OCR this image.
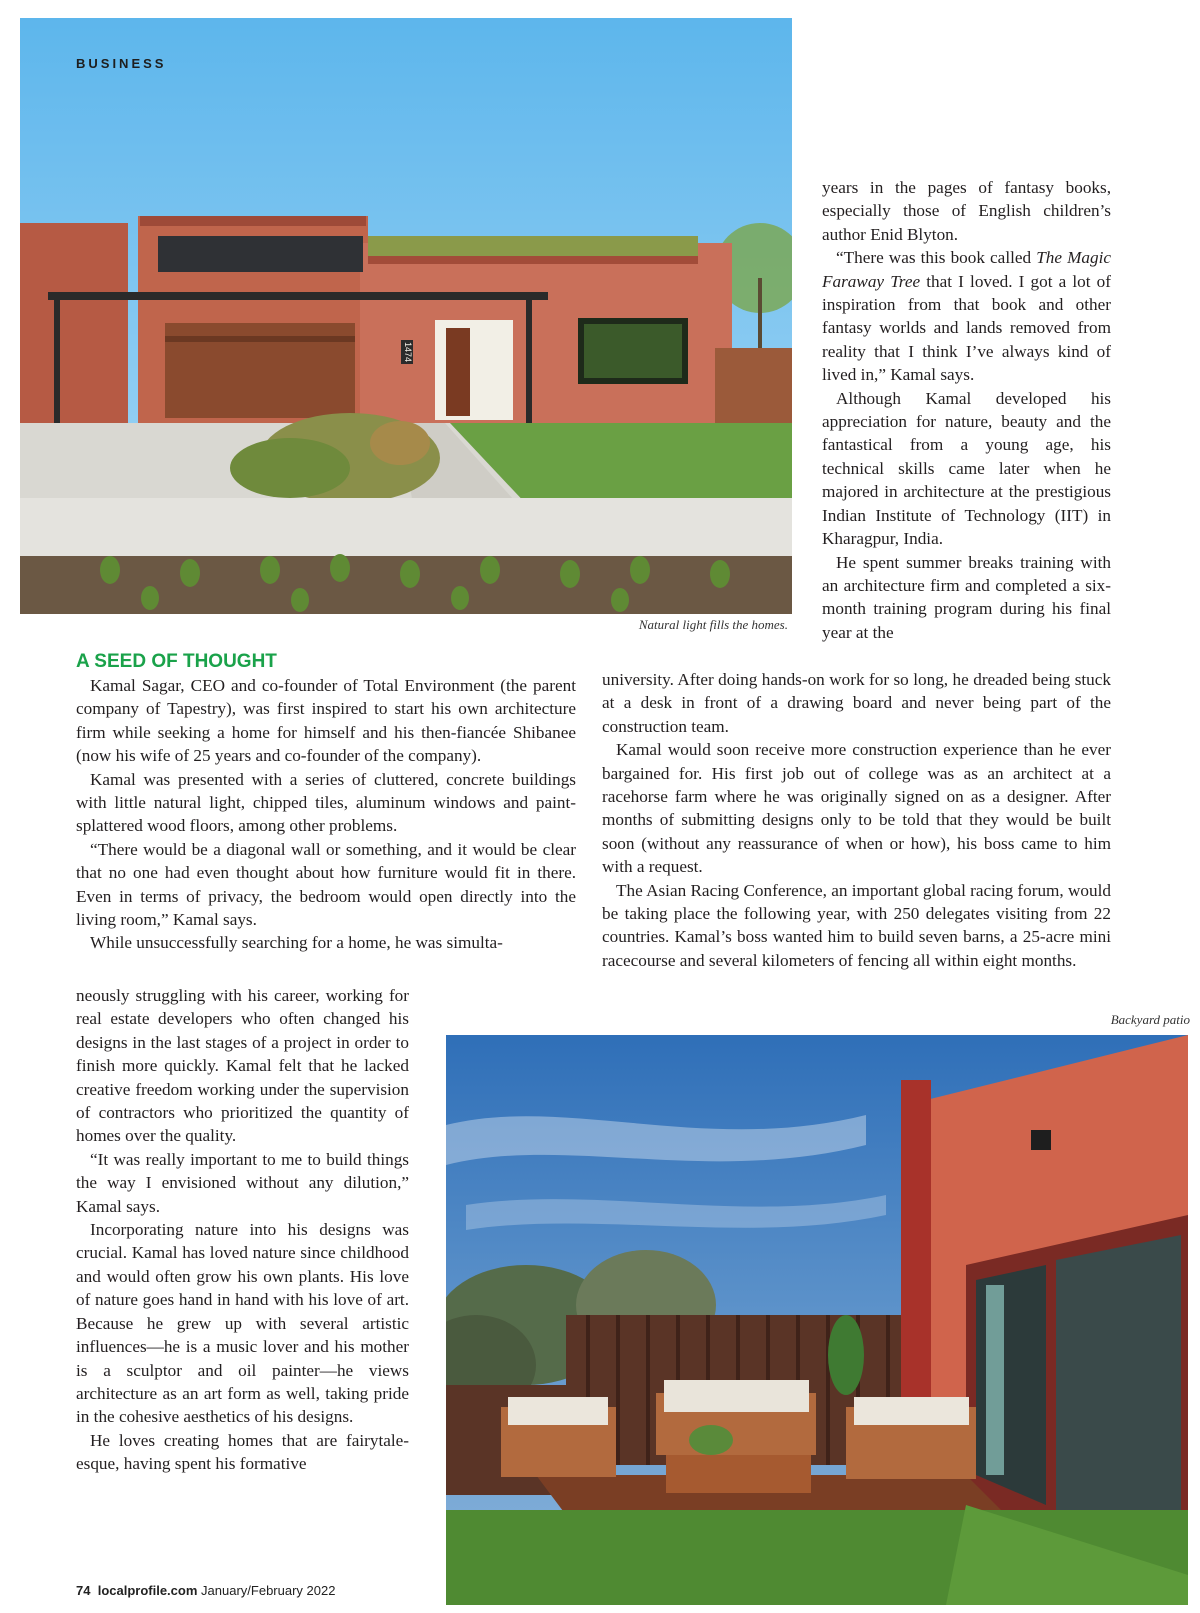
1474
BUSINESS

years in the pages of fantasy books, especially those of English children’s author Enid Blyton.

“There was this book called The Magic Faraway Tree that I loved. I got a lot of inspiration from that book and other fantasy worlds and lands removed from reality that I think I’ve always kind of lived in,” Kamal says.

Although Kamal developed his appreciation for nature, beauty and the fantastical from a young age, his technical skills came later when he majored in architecture at the prestigious Indian Institute of Technology (IIT) in Kharagpur, India.

He spent summer breaks training with an architecture firm and completed a six-month training program during his final year at the

Natural light fills the homes.
A SEED OF THOUGHT

Kamal Sagar, CEO and co-founder of Total Environment (the parent company of Tapestry), was first inspired to start his own architecture firm while seeking a home for himself and his then-fiancée Shibanee (now his wife of 25 years and co-founder of the company).

Kamal was presented with a series of cluttered, concrete buildings with little natural light, chipped tiles, aluminum windows and paint-splattered wood floors, among other problems.

“There would be a diagonal wall or something, and it would be clear that no one had even thought about how furniture would fit in there. Even in terms of privacy, the bedroom would open directly into the living room,” Kamal says.

While unsuccessfully searching for a home, he was simulta-

university. After doing hands-on work for so long, he dreaded being stuck at a desk in front of a drawing board and never being part of the construction team.

Kamal would soon receive more construction experience than he ever bargained for. His first job out of college was as an architect at a racehorse farm where he was originally signed on as a designer. After months of submitting designs only to be told that they would be built soon (without any reassurance of when or how), his boss came to him with a request.

The Asian Racing Conference, an important global racing forum, would be taking place the following year, with 250 delegates visiting from 22 countries. Kamal’s boss wanted him to build seven barns, a 25-acre mini racecourse and several kilometers of fencing all within eight months.

neously struggling with his career, working for real estate developers who often changed his designs in the last stages of a project in order to finish more quickly. Kamal felt that he lacked creative freedom working under the supervision of contractors who prioritized the quantity of homes over the quality.

“It was really important to me to build things the way I envisioned without any dilution,” Kamal says.

Incorporating nature into his designs was crucial. Kamal has loved nature since childhood and would often grow his own plants. His love of nature goes hand in hand with his love of art. Because he grew up with several artistic influences—he is a music lover and his mother is a sculptor and oil painter—he views architecture as an art form as well, taking pride in the cohesive aesthetics of his designs.

He loves creating homes that are fairytale-esque, having spent his formative

Backyard patio
74 localprofile.com January/February 2022
